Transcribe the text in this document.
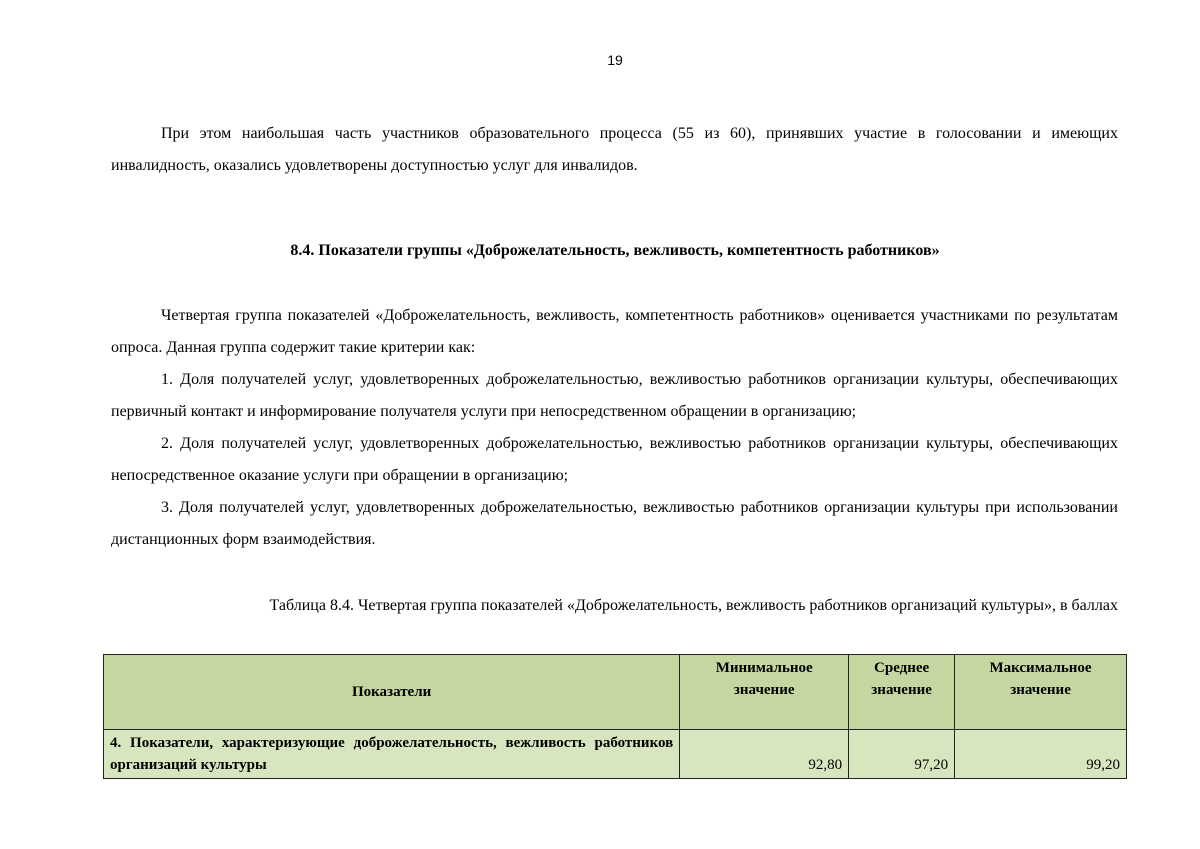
19

При этом наибольшая часть участников образовательного процесса (55 из 60), принявших участие в голосовании и имеющих инвалидность, оказались удовлетворены доступностью услуг для инвалидов.

8.4. Показатели группы «Доброжелательность, вежливость, компетентность работников»

Четвертая группа показателей «Доброжелательность, вежливость, компетентность работников» оценивается участниками по результатам опроса. Данная группа содержит такие критерии как:

1. Доля получателей услуг, удовлетворенных доброжелательностью, вежливостью работников организации культуры, обеспечивающих первичный контакт и информирование получателя услуги при непосредственном обращении в организацию;

2. Доля получателей услуг, удовлетворенных доброжелательностью, вежливостью работников организации культуры, обеспечивающих непосредственное оказание услуги при обращении в организацию;

3. Доля получателей услуг, удовлетворенных доброжелательностью, вежливостью работников организации культуры при использовании дистанционных форм взаимодействия.

Таблица 8.4. Четвертая группа показателей «Доброжелательность, вежливость работников организаций культуры», в баллах
Показатели	Минимальное значение	Среднее значение	Максимальное значение
4. Показатели, характеризующие доброжелательность, вежливость работников организаций культуры	92,80	97,20	99,20
